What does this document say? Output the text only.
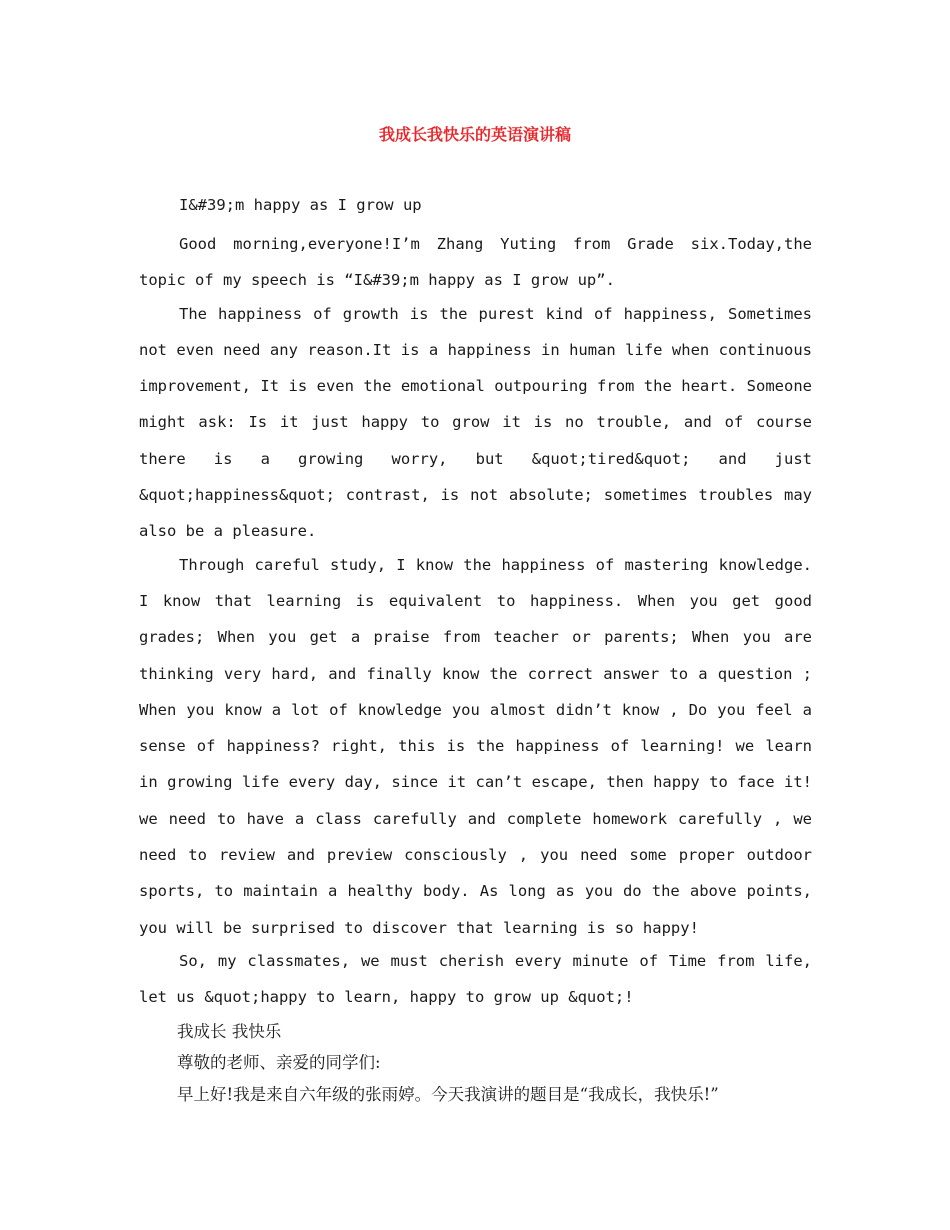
我成长我快乐的英语演讲稿

I&#39;m happy as I grow up

Good morning,everyone!I’m Zhang Yuting from Grade six.Today,the topic of my speech is “I&#39;m happy as I grow up”.

The happiness of growth is the purest kind of happiness, Sometimes not even need any reason.It is a happiness in human life when continuous improvement, It is even the emotional outpouring from the heart. Someone might ask: Is it just happy to grow it is no trouble, and of course there is a growing worry, but &quot;tired&quot; and just &quot;happiness&quot; contrast, is not absolute; sometimes troubles may also be a pleasure.

Through careful study, I know the happiness of mastering knowledge. I know that learning is equivalent to happiness. When you get good grades; When you get a praise from teacher or parents; When you are thinking very hard, and finally know the correct answer to a question ; When you know a lot of knowledge you almost didn’t know , Do you feel a sense of happiness? right, this is the happiness of learning! we learn in growing life every day, since it can’t escape, then happy to face it! we need to have a class carefully and complete homework carefully , we need to review and preview consciously , you need some proper outdoor sports, to maintain a healthy body. As long as you do the above points, you will be surprised to discover that learning is so happy!

So, my classmates, we must cherish every minute of Time from life, let us &quot;happy to learn, happy to grow up &quot;!

我成长 我快乐

尊敬的老师、亲爱的同学们:

早上好!我是来自六年级的张雨婷。今天我演讲的题目是“我成长，我快乐!”
